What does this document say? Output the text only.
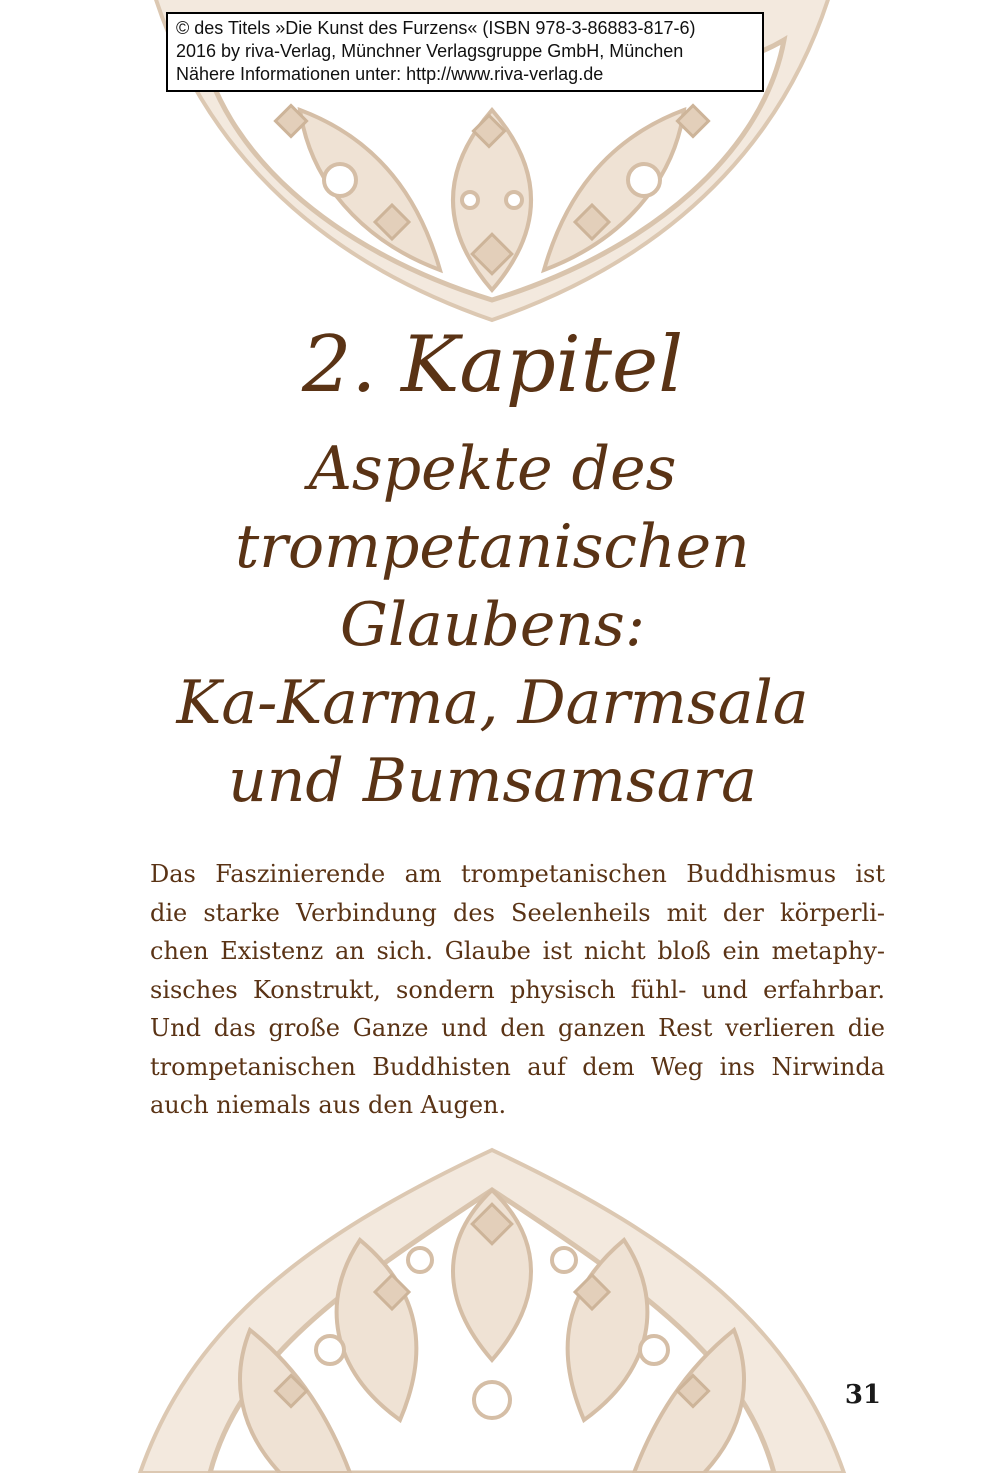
© des Titels »Die Kunst des Furzens« (ISBN 978-3-86883-817-6)
2016 by riva-Verlag, Münchner Verlagsgruppe GmbH, München
Nähere Informationen unter: http://www.riva-verlag.de
2. Kapitel
Aspekte des
trompetanischen
Glaubens:
Ka-Karma, Darmsala
und Bumsamsara
Das Faszinierende am trompetanischen Buddhismus ist
die starke Verbindung des Seelenheils mit der körperli-
chen Existenz an sich. Glaube ist nicht bloß ein metaphy-
sisches Konstrukt, sondern physisch fühl- und erfahrbar.
Und das große Ganze und den ganzen Rest verlieren die
trompetanischen Buddhisten auf dem Weg ins Nirwinda
auch niemals aus den Augen.
31
